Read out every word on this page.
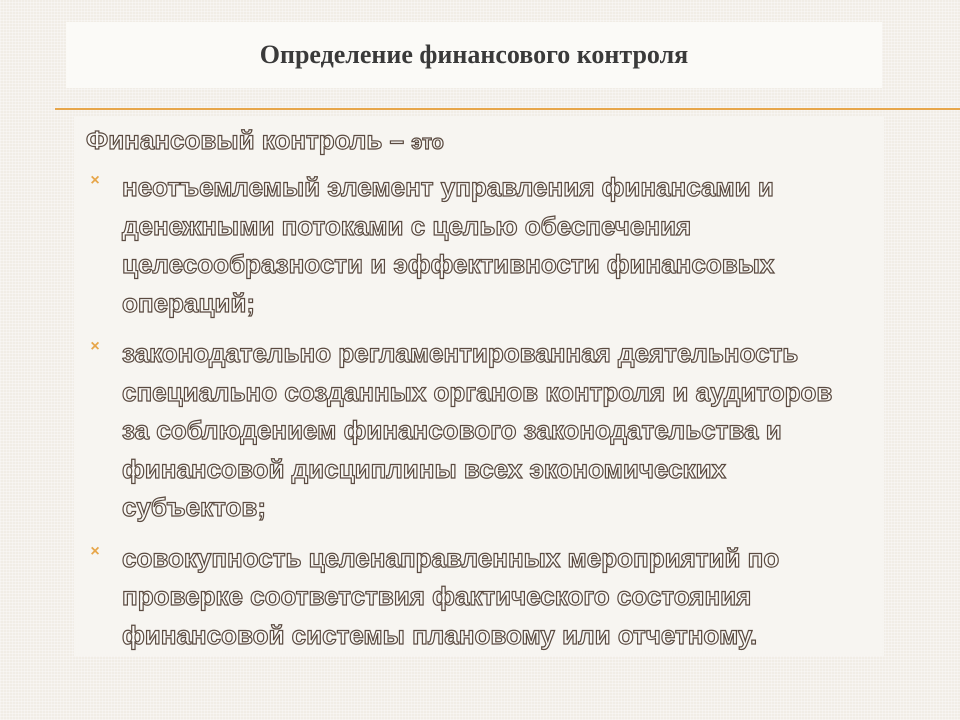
Определение финансового контроля

Финансовый контроль – это

× неотъемлемый элемент управления финансами и
денежными потоками с целью обеспечения
целесообразности и эффективности финансовых
операций;
× законодательно регламентированная деятельность
специально созданных органов контроля и аудиторов
за соблюдением финансового законодательства и
финансовой дисциплины всех экономических
субъектов;
× совокупность целенаправленных мероприятий по
проверке соответствия фактического состояния
финансовой системы плановому или отчетному.
